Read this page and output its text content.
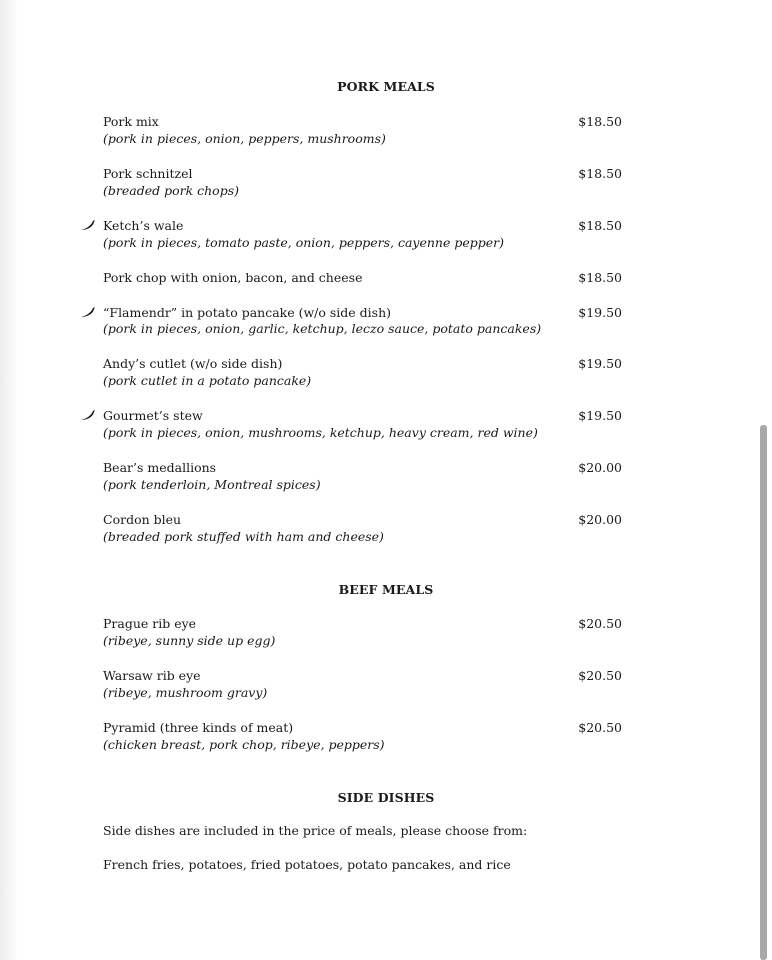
PORK MEALS
Pork mix
(pork in pieces, onion, peppers, mushrooms)
$18.50
Pork schnitzel
(breaded pork chops)
$18.50
Ketch’s wale
(pork in pieces, tomato paste, onion, peppers, cayenne pepper)
$18.50
Pork chop with onion, bacon, and cheese	$18.50
“Flamendr” in potato pancake (w/o side dish)
(pork in pieces, onion, garlic, ketchup, leczo sauce, potato pancakes)
$19.50
Andy’s cutlet (w/o side dish)
(pork cutlet in a potato pancake)
$19.50
Gourmet’s stew
(pork in pieces, onion, mushrooms, ketchup, heavy cream, red wine)
$19.50
Bear’s medallions
(pork tenderloin, Montreal spices)
$20.00
Cordon bleu
(breaded pork stuffed with ham and cheese)
$20.00
BEEF MEALS
Prague rib eye
(ribeye, sunny side up egg)
$20.50
Warsaw rib eye
(ribeye, mushroom gravy)
$20.50
Pyramid (three kinds of meat)
(chicken breast, pork chop, ribeye, peppers)
$20.50
SIDE DISHES
Side dishes are included in the price of meals, please choose from:
French fries, potatoes, fried potatoes, potato pancakes, and rice
